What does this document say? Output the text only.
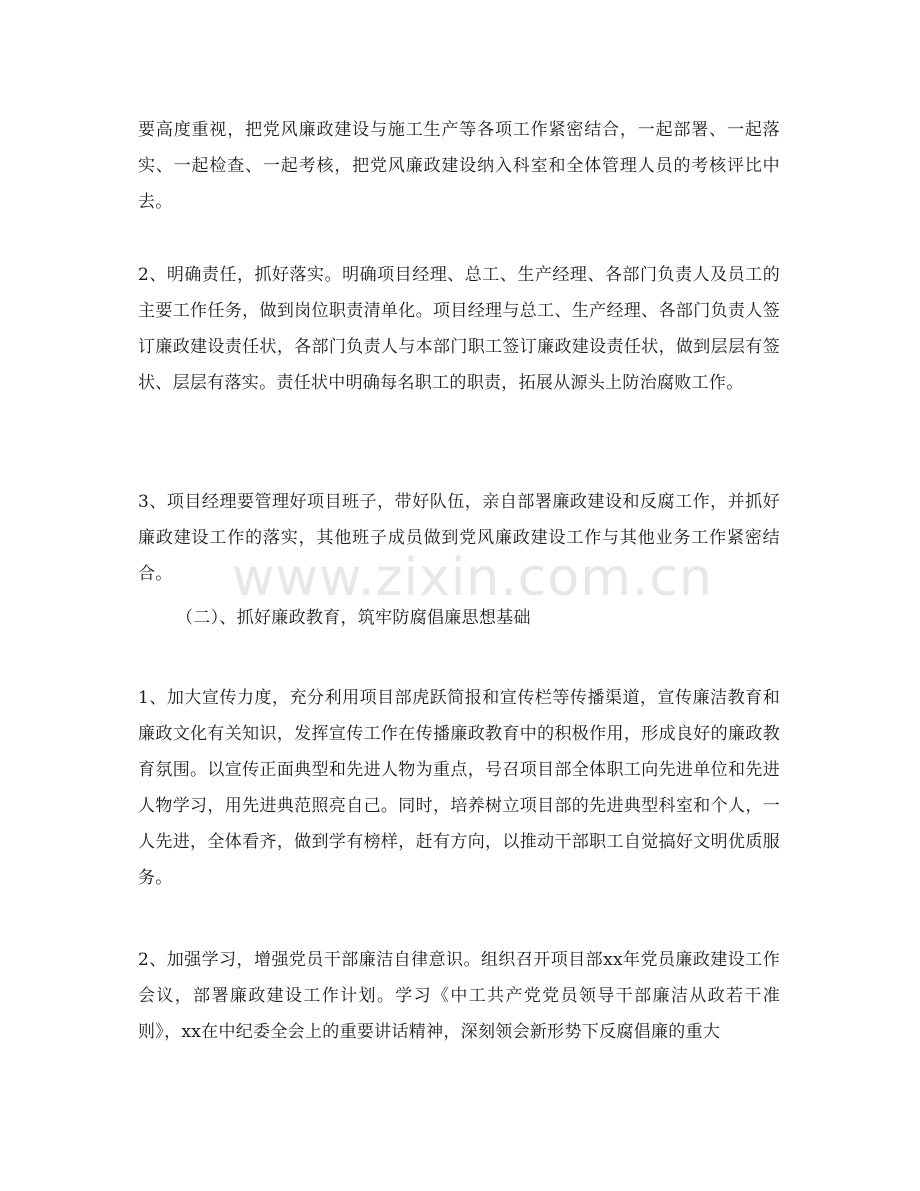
要高度重视，把党风廉政建设与施工生产等各项工作紧密结合，一起部署、一起落实、一起检查、一起考核，把党风廉政建设纳入科室和全体管理人员的考核评比中去。

2、明确责任，抓好落实。明确项目经理、总工、生产经理、各部门负责人及员工的主要工作任务，做到岗位职责清单化。项目经理与总工、生产经理、各部门负责人签订廉政建设责任状，各部门负责人与本部门职工签订廉政建设责任状，做到层层有签状、层层有落实。责任状中明确每名职工的职责，拓展从源头上防治腐败工作。

3、项目经理要管理好项目班子，带好队伍，亲自部署廉政建设和反腐工作，并抓好廉政建设工作的落实，其他班子成员做到党风廉政建设工作与其他业务工作紧密结合。	www.zixin.com.cn

（二）、抓好廉政教育，筑牢防腐倡廉思想基础

1、加大宣传力度，充分利用项目部虎跃简报和宣传栏等传播渠道，宣传廉洁教育和廉政文化有关知识，发挥宣传工作在传播廉政教育中的积极作用，形成良好的廉政教育氛围。以宣传正面典型和先进人物为重点，号召项目部全体职工向先进单位和先进人物学习，用先进典范照亮自己。同时，培养树立项目部的先进典型科室和个人，一人先进，全体看齐，做到学有榜样，赶有方向，以推动干部职工自觉搞好文明优质服务。

2、加强学习，增强党员干部廉洁自律意识。组织召开项目部xx年党员廉政建设工作会议，部署廉政建设工作计划。学习《中工共产党党员领导干部廉洁从政若干准则》，xx在中纪委全会上的重要讲话精神，深刻领会新形势下反腐倡廉的重大
